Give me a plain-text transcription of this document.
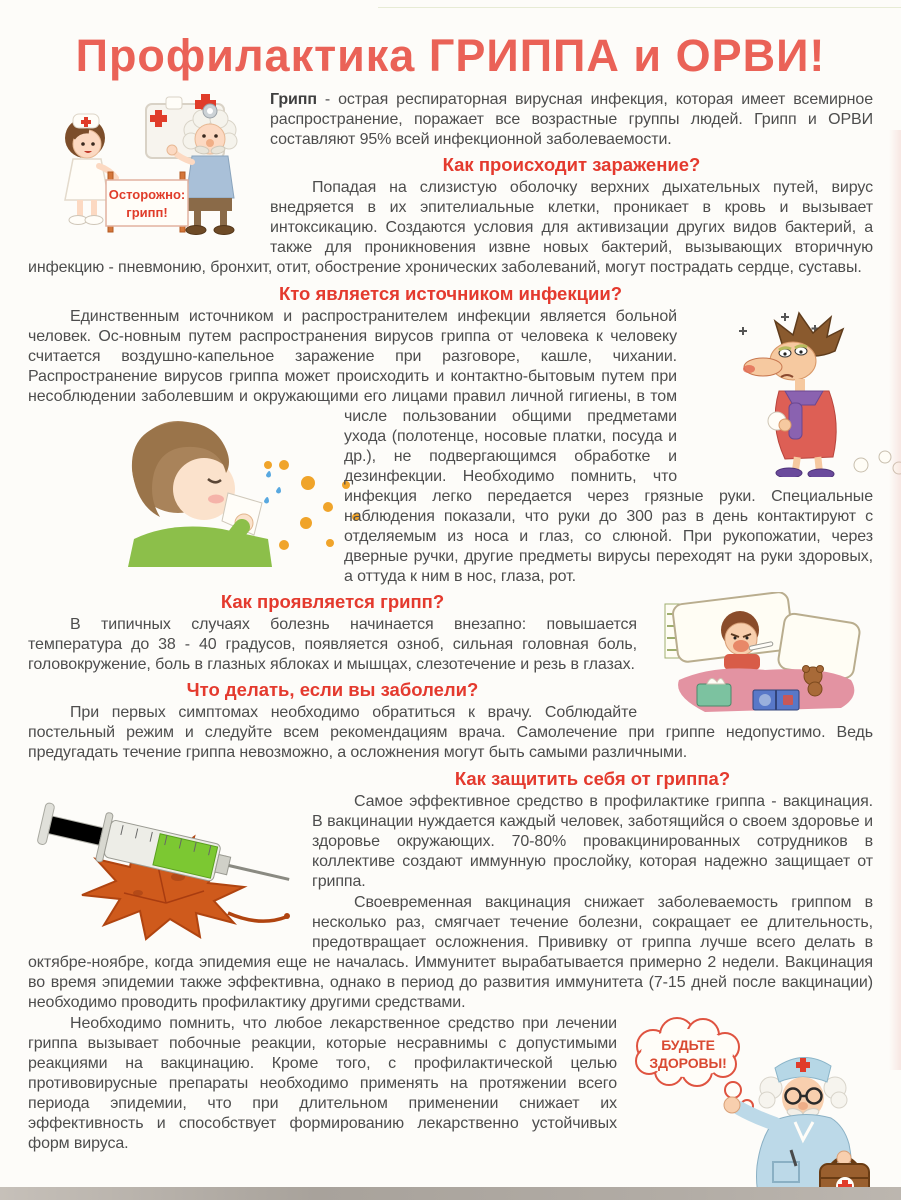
Профилактика ГРИППА и ОРВИ!
Осторожно:
грипп!

Грипп - острая респираторная вирусная инфекция, которая имеет всемирное распространение, поражает все возрастные группы людей. Грипп и ОРВИ составляют 95% всей инфекционной заболеваемости.

Как происходит заражение?

Попадая на слизистую оболочку верхних дыхательных путей, вирус внедряется в их эпителиальные клетки, проникает в кровь и вызывает интоксикацию. Создаются условия для активизации других видов бактерий, а также для проникновения извне новых бактерий, вызывающих вторичную инфекцию - пневмонию, бронхит, отит, обострение хронических заболеваний, могут пострадать сердце, суставы.

Кто является источником инфекции?

Единственным источником и распространителем инфекции является больной человек. Ос-новным путем распространения вирусов гриппа от человека к человеку считается воздушно-капельное заражение при разговоре, кашле, чихании. Распространение вирусов гриппа может происходить и контактно-бытовым путем при несоблюдении заболевшим и окружающими его лицами правил личной гигиены, в том числе пользовании общими предметами ухода (полотенце, носовые платки, посуда и др.), не подвергающимся обработке и дезинфекции. Необходимо помнить, что инфекция легко передается через грязные руки. Специальные наблюдения показали, что руки до 300 раз в день контактируют с отделяемым из носа и глаз, со слюной. При рукопожатии, через дверные ручки, другие предметы вирусы переходят на руки здоровых, а оттуда к ним в нос, глаза, рот.

Как проявляется грипп?

В типичных случаях болезнь начинается внезапно: повышается температура до 38 - 40 градусов, появляется озноб, сильная головная боль, головокружение, боль в глазных яблоках и мышцах, слезотечение и резь в глазах.

Что делать, если вы заболели?

При первых симптомах необходимо обратиться к врачу. Соблюдайте постельный режим и следуйте всем рекомендациям врача. Самолечение при гриппе недопустимо. Ведь предугадать течение гриппа невозможно, а осложнения могут быть самыми различными.

Как защитить себя от гриппа?

Самое эффективное средство в профилактике гриппа - вакцинация. В вакцинации нуждается каждый человек, заботящийся о своем здоровье и здоровье окружающих. 70-80% провакцинированных сотрудников в коллективе создают иммунную прослойку, которая надежно защищает от гриппа.

Своевременная вакцинация снижает заболеваемость гриппом в несколько раз, смягчает течение болезни, сокращает ее длительность, предотвращает осложнения. Прививку от гриппа лучше всего делать в октябре-ноябре, когда эпидемия еще не началась. Иммунитет вырабатывается примерно 2 недели. Вакцинация во время эпидемии также эффективна, однако в период до развития иммунитета (7-15 дней после вакцинации) необходимо проводить профилактику другими средствами.

БУДЬТЕ
ЗДОРОВЫ!
Необходимо помнить, что любое лекарственное средство при лечении гриппа вызывает побочные реакции, которые несравнимы с допустимыми реакциями на вакцинацию. Кроме того, с профилактической целью противовирусные препараты необходимо применять на протяжении всего периода эпидемии, что при длительном применении снижает их эффективность и способствует формированию лекарственно устойчивых форм вируса.
